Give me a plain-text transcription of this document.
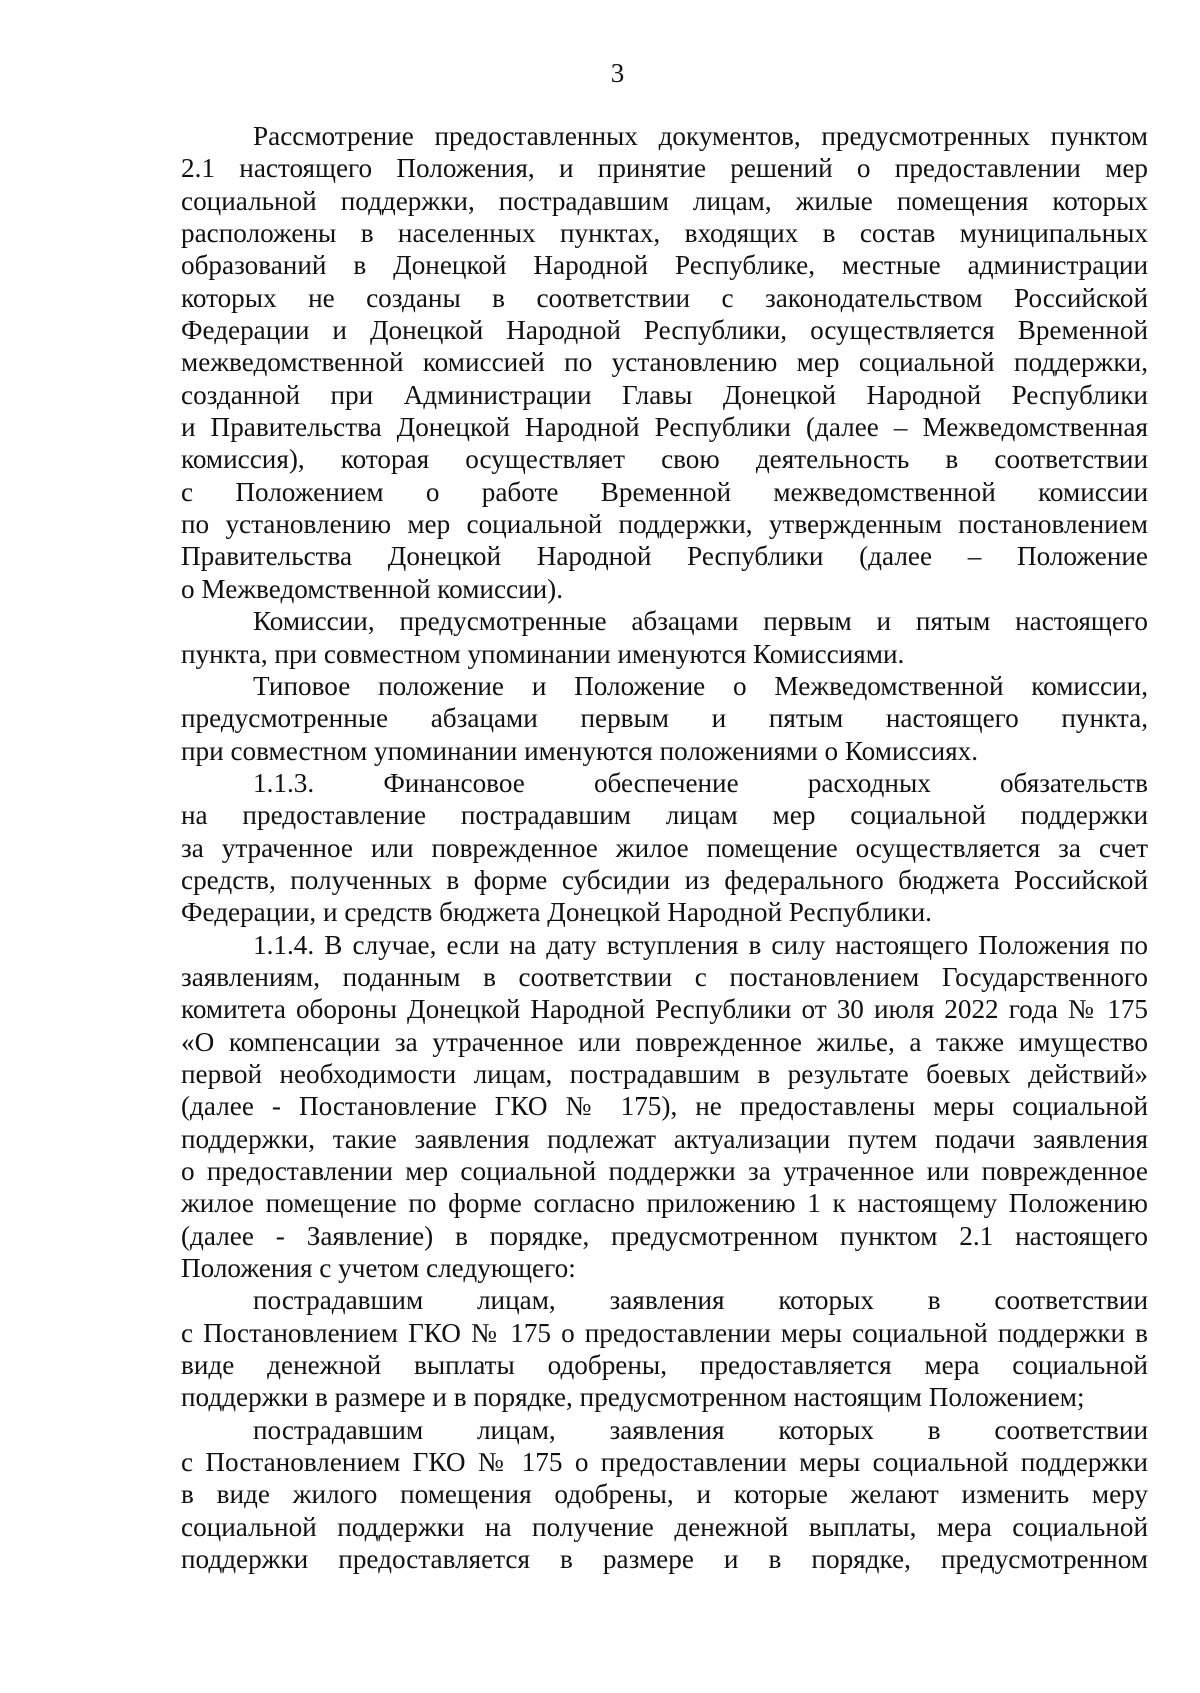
3
Рассмотрение предоставленных документов, предусмотренных пунктом
2.1 настоящего Положения, и принятие решений о предоставлении мер
социальной поддержки, пострадавшим лицам, жилые помещения которых
расположены в населенных пунктах, входящих в состав муниципальных
образований в Донецкой Народной Республике, местные администрации
которых не созданы в соответствии с законодательством Российской
Федерации и Донецкой Народной Республики, осуществляется Временной
межведомственной комиссией по установлению мер социальной поддержки,
созданной при Администрации Главы Донецкой Народной Республики
и Правительства Донецкой Народной Республики (далее – Межведомственная
комиссия), которая осуществляет свою деятельность в соответствии
с Положением о работе Временной межведомственной комиссии
по установлению мер социальной поддержки, утвержденным постановлением
Правительства Донецкой Народной Республики (далее – Положение
о Межведомственной комиссии).
Комиссии, предусмотренные абзацами первым и пятым настоящего
пункта, при совместном упоминании именуются Комиссиями.
Типовое положение и Положение о Межведомственной комиссии,
предусмотренные абзацами первым и пятым настоящего пункта,
при совместном упоминании именуются положениями о Комиссиях.
1.1.3. Финансовое обеспечение расходных обязательств
на предоставление пострадавшим лицам мер социальной поддержки
за утраченное или поврежденное жилое помещение осуществляется за счет
средств, полученных в форме субсидии из федерального бюджета Российской
Федерации, и средств бюджета Донецкой Народной Республики.
1.1.4. В случае, если на дату вступления в силу настоящего Положения по
заявлениям, поданным в соответствии с постановлением Государственного
комитета обороны Донецкой Народной Республики от 30 июля 2022 года № 175
«О компенсации за утраченное или поврежденное жилье, а также имущество
первой необходимости лицам, пострадавшим в результате боевых действий»
(далее - Постановление ГКО № 175), не предоставлены меры социальной
поддержки, такие заявления подлежат актуализации путем подачи заявления
о предоставлении мер социальной поддержки за утраченное или поврежденное
жилое помещение по форме согласно приложению 1 к настоящему Положению
(далее - Заявление) в порядке, предусмотренном пунктом 2.1 настоящего
Положения с учетом следующего:
пострадавшим лицам, заявления которых в соответствии
с Постановлением ГКО № 175 о предоставлении меры социальной поддержки в
виде денежной выплаты одобрены, предоставляется мера социальной
поддержки в размере и в порядке, предусмотренном настоящим Положением;
пострадавшим лицам, заявления которых в соответствии
с Постановлением ГКО № 175 о предоставлении меры социальной поддержки
в виде жилого помещения одобрены, и которые желают изменить меру
социальной поддержки на получение денежной выплаты, мера социальной
поддержки предоставляется в размере и в порядке, предусмотренном
